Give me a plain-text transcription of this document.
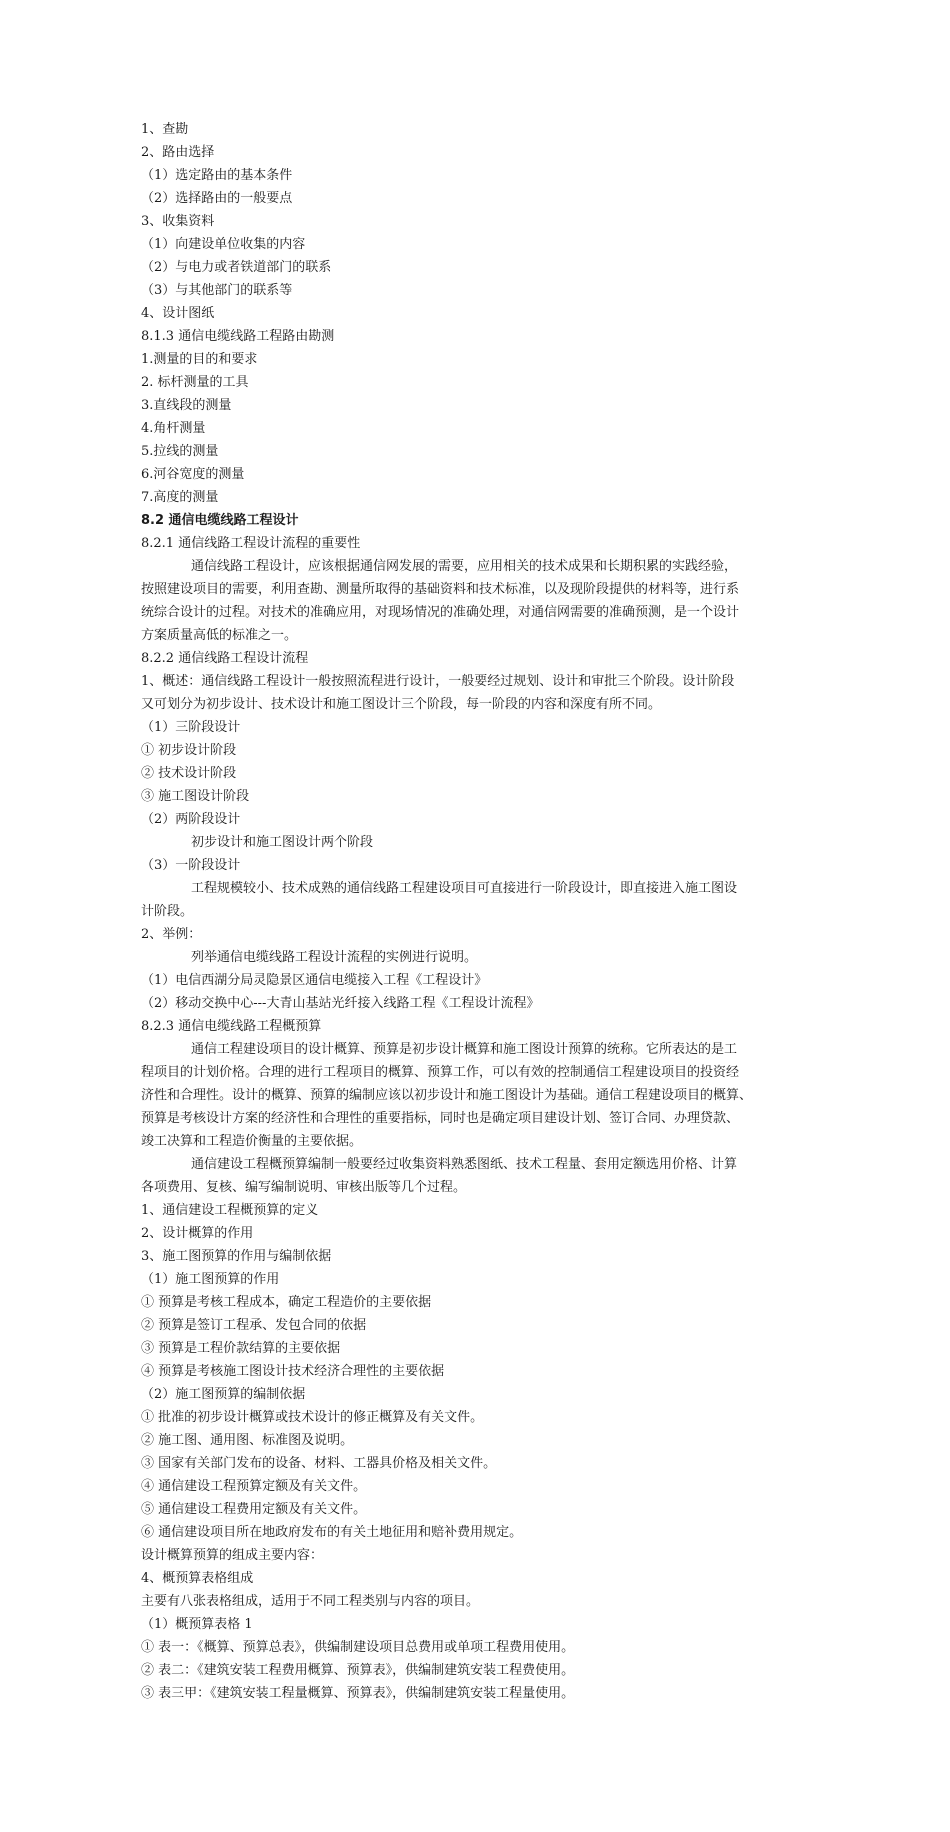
1、查勘
2、路由选择
（1）选定路由的基本条件
（2）选择路由的一般要点
3、收集资料
（1）向建设单位收集的内容
（2）与电力或者铁道部门的联系
（3）与其他部门的联系等
4、设计图纸
8.1.3 通信电缆线路工程路由勘测
1.测量的目的和要求
2. 标杆测量的工具
3.直线段的测量
4.角杆测量
5.拉线的测量
6.河谷宽度的测量
7.高度的测量
8.2 通信电缆线路工程设计
8.2.1 通信线路工程设计流程的重要性
通信线路工程设计，应该根据通信网发展的需要，应用相关的技术成果和长期积累的实践经验，
按照建设项目的需要，利用查勘、测量所取得的基础资料和技术标准，以及现阶段提供的材料等，进行系
统综合设计的过程。对技术的准确应用，对现场情况的准确处理，对通信网需要的准确预测，是一个设计
方案质量高低的标准之一。
8.2.2 通信线路工程设计流程
1、概述：通信线路工程设计一般按照流程进行设计，一般要经过规划、设计和审批三个阶段。设计阶段
又可划分为初步设计、技术设计和施工图设计三个阶段，每一阶段的内容和深度有所不同。
（1）三阶段设计
① 初步设计阶段
② 技术设计阶段
③ 施工图设计阶段
（2）两阶段设计
初步设计和施工图设计两个阶段
（3）一阶段设计
工程规模较小、技术成熟的通信线路工程建设项目可直接进行一阶段设计，即直接进入施工图设
计阶段。
2、举例：
列举通信电缆线路工程设计流程的实例进行说明。
（1）电信西湖分局灵隐景区通信电缆接入工程《工程设计》
（2）移动交换中心---大青山基站光纤接入线路工程《工程设计流程》
8.2.3 通信电缆线路工程概预算
通信工程建设项目的设计概算、预算是初步设计概算和施工图设计预算的统称。它所表达的是工
程项目的计划价格。合理的进行工程项目的概算、预算工作，可以有效的控制通信工程建设项目的投资经
济性和合理性。设计的概算、预算的编制应该以初步设计和施工图设计为基础。通信工程建设项目的概算、
预算是考核设计方案的经济性和合理性的重要指标，同时也是确定项目建设计划、签订合同、办理贷款、
竣工决算和工程造价衡量的主要依据。
通信建设工程概预算编制一般要经过收集资料熟悉图纸、技术工程量、套用定额选用价格、计算
各项费用、复核、编写编制说明、审核出版等几个过程。
1、通信建设工程概预算的定义
2、设计概算的作用
3、施工图预算的作用与编制依据
（1）施工图预算的作用
① 预算是考核工程成本，确定工程造价的主要依据
② 预算是签订工程承、发包合同的依据
③ 预算是工程价款结算的主要依据
④ 预算是考核施工图设计技术经济合理性的主要依据
（2）施工图预算的编制依据
① 批准的初步设计概算或技术设计的修正概算及有关文件。
② 施工图、通用图、标准图及说明。
③ 国家有关部门发布的设备、材料、工器具价格及相关文件。
④ 通信建设工程预算定额及有关文件。
⑤ 通信建设工程费用定额及有关文件。
⑥ 通信建设项目所在地政府发布的有关土地征用和赔补费用规定。
设计概算预算的组成主要内容：
4、概预算表格组成
主要有八张表格组成，适用于不同工程类别与内容的项目。
（1）概预算表格 1
① 表一：《概算、预算总表》，供编制建设项目总费用或单项工程费用使用。
② 表二：《建筑安装工程费用概算、预算表》，供编制建筑安装工程费使用。
③ 表三甲：《建筑安装工程量概算、预算表》，供编制建筑安装工程量使用。
